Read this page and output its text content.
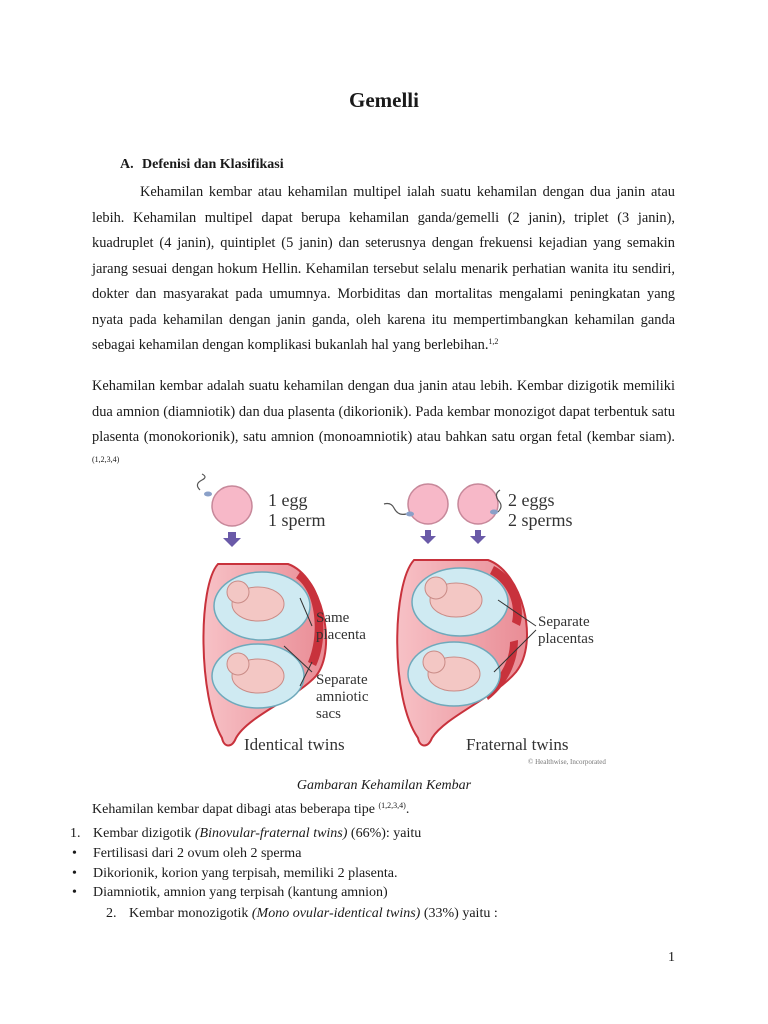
Gemelli
A. Defenisi dan Klasifikasi
Kehamilan kembar atau kehamilan multipel ialah suatu kehamilan dengan dua janin atau lebih. Kehamilan multipel dapat berupa kehamilan ganda/gemelli (2 janin), triplet (3 janin), kuadruplet (4 janin), quintiplet (5 janin) dan seterusnya dengan frekuensi kejadian yang semakin jarang sesuai dengan hokum Hellin. Kehamilan tersebut selalu menarik perhatian wanita itu sendiri, dokter dan masyarakat pada umumnya. Morbiditas dan mortalitas mengalami peningkatan yang nyata pada kehamilan dengan janin ganda, oleh karena itu mempertimbangkan kehamilan ganda sebagai kehamilan dengan komplikasi bukanlah hal yang berlebihan.$^{1,2}$
Kehamilan kembar adalah suatu kehamilan dengan dua janin atau lebih. Kembar dizigotik memiliki dua amnion (diamniotik) dan dua plasenta (dikorionik). Pada kembar monozigot dapat terbentuk satu plasenta (monokorionik), satu amnion (monoamniotik) atau bahkan satu organ fetal (kembar siam).$^{(1,2,3,4)}$
1 egg
1 sperm
Same
placenta
Separate
amniotic
sacs
Identical twins
2 eggs
2 sperms
Separate
placentas
Fraternal twins
© Healthwise, Incorporated
Gambaran Kehamilan Kembar
Kehamilan kembar dapat dibagi atas beberapa tipe $^{(1,2,3,4)}$.
1. Kembar dizigotik (Binovular-fraternal twins) (66%): yaitu
• Fertilisasi dari 2 ovum oleh 2 sperma
• Dikorionik, korion yang terpisah, memiliki 2 plasenta.
• Diamniotik, amnion yang terpisah (kantung amnion)
2. Kembar monozigotik (Mono ovular-identical twins) (33%) yaitu :
1
